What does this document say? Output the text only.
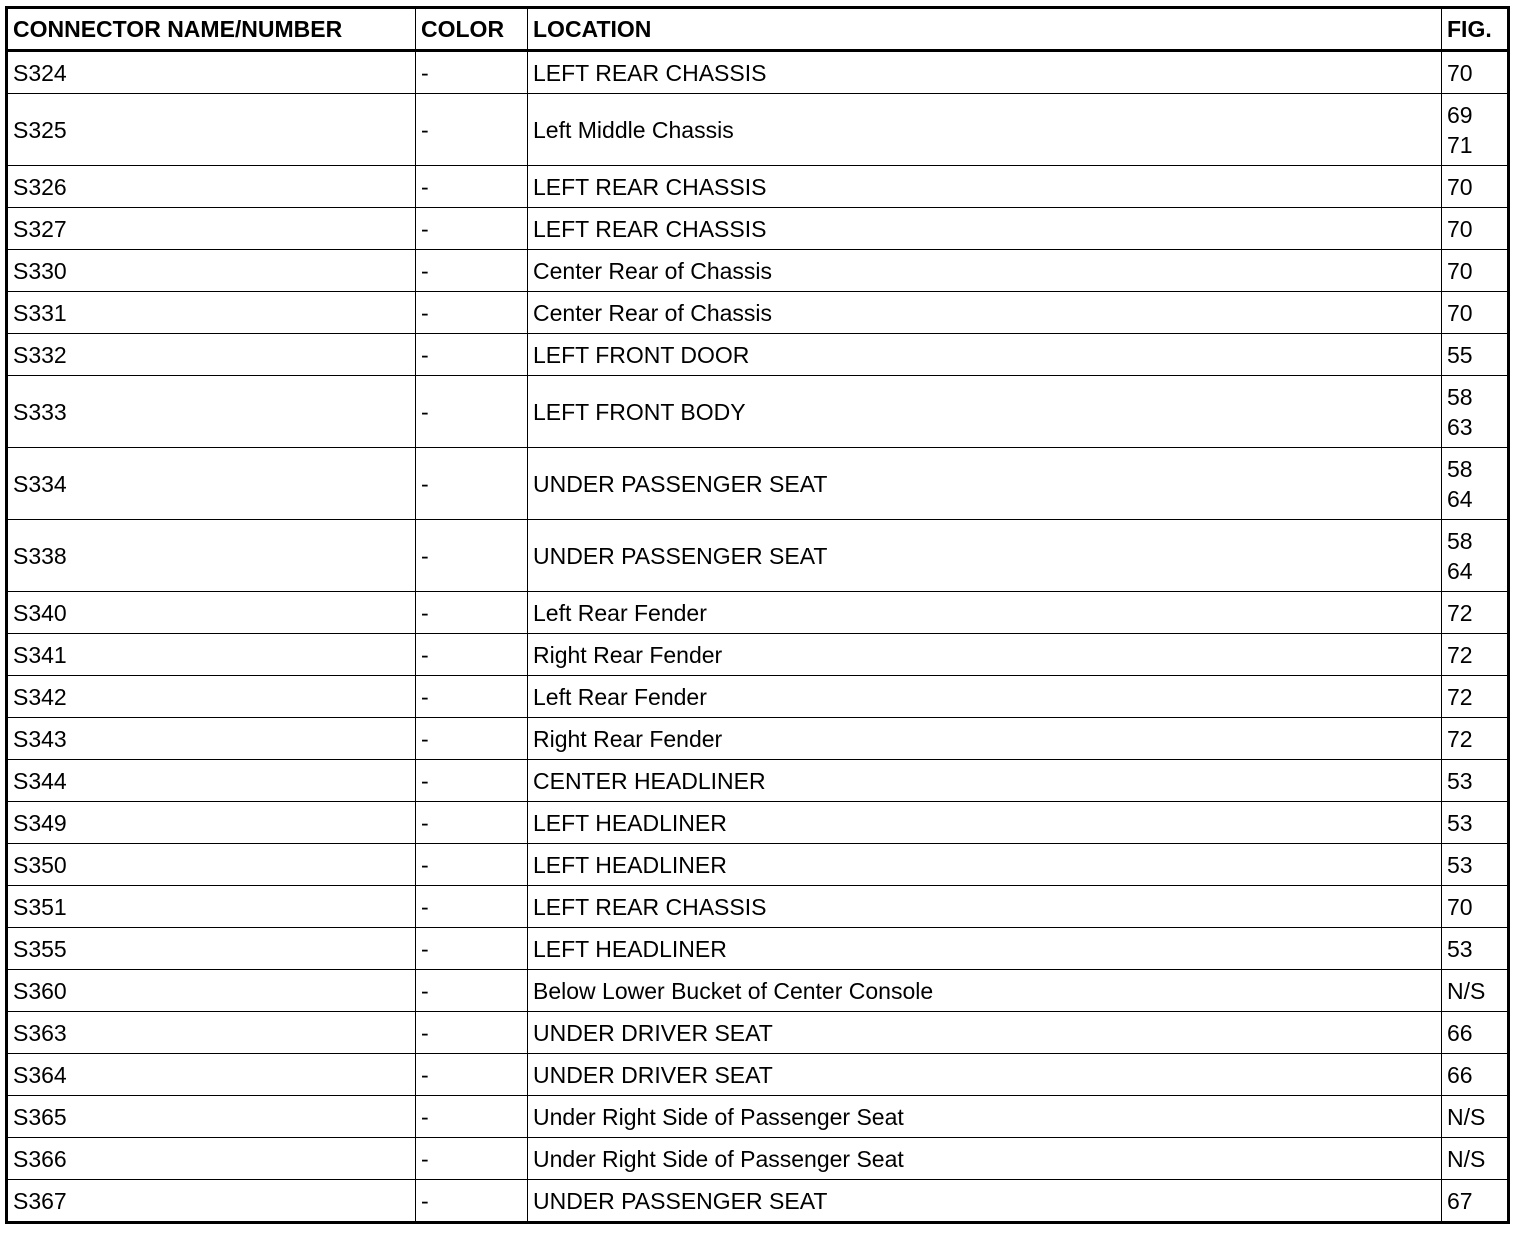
CONNECTOR NAME/NUMBER	COLOR	LOCATION	FIG.
S324	-	LEFT REAR CHASSIS	70
S325	-	Left Middle Chassis	69
71
S326	-	LEFT REAR CHASSIS	70
S327	-	LEFT REAR CHASSIS	70
S330	-	Center Rear of Chassis	70
S331	-	Center Rear of Chassis	70
S332	-	LEFT FRONT DOOR	55
S333	-	LEFT FRONT BODY	58
63
S334	-	UNDER PASSENGER SEAT	58
64
S338	-	UNDER PASSENGER SEAT	58
64
S340	-	Left Rear Fender	72
S341	-	Right Rear Fender	72
S342	-	Left Rear Fender	72
S343	-	Right Rear Fender	72
S344	-	CENTER HEADLINER	53
S349	-	LEFT HEADLINER	53
S350	-	LEFT HEADLINER	53
S351	-	LEFT REAR CHASSIS	70
S355	-	LEFT HEADLINER	53
S360	-	Below Lower Bucket of Center Console	N/S
S363	-	UNDER DRIVER SEAT	66
S364	-	UNDER DRIVER SEAT	66
S365	-	Under Right Side of Passenger Seat	N/S
S366	-	Under Right Side of Passenger Seat	N/S
S367	-	UNDER PASSENGER SEAT	67
